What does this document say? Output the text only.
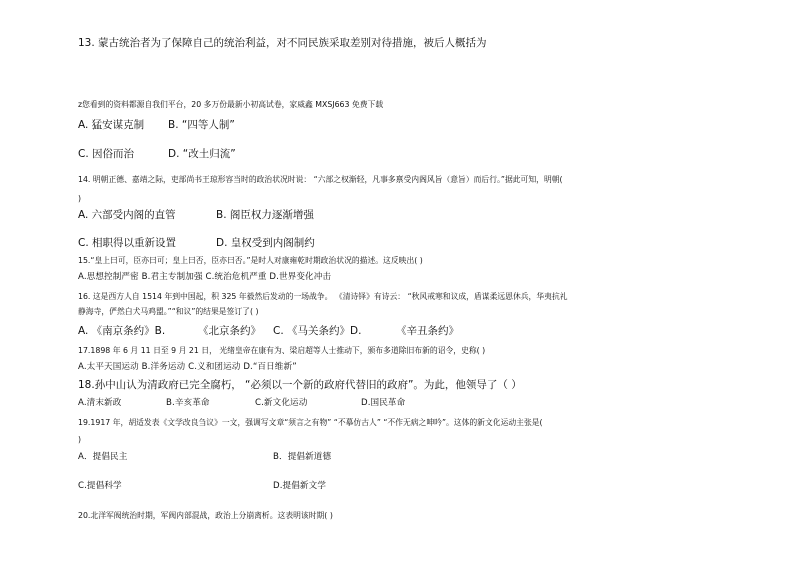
13. 蒙古统治者为了保障自己的统治利益，对不同民族采取差别对待措施，被后人概括为
z您看到的资料都源自我们平台，20 多万份最新小初高试卷，家威鑫 MXSJ663 免费下载
A. 猛安谋克制 B. “四等人制”
C. 因俗而治	D. “改土归流”
14. 明朝正德、嘉靖之际，吏部尚书王琼形容当时的政治状况时说： “六部之权渐轻，凡事多禀受内阁风旨（意旨）而后行。”据此可知，明朝(
)
A. 六部受内阁的直管	B. 阁臣权力逐渐增强
C. 相职得以重新设置	D. 皇权受到内阁制约
15.“皇上曰可，臣亦曰可；皇上曰否，臣亦曰否。”是时人对康雍乾时期政治状况的描述。这反映出( )
A.思想控制严密 B.君主专制加强 C.统治危机严重 D.世界变化冲击
16. 这是西方人自 1514 年到中国起，积 325 年毅然后发动的一场战争。 《清诗铎》有诗云： “秋风戒寒和议成，盾谋柔远恩休兵，华夷抗礼
静海寺，俨然白犬马鸡盟。”“和议”的结果是签订了( )
A. 《南京条约》B.	《北京条约》 C. 《马关条约》D.	《辛丑条约》
17.1898 年 6 月 11 日至 9 月 21 日， 光绪皇帝在康有为、梁启超等人士推动下，颁布多道除旧布新的诏令，史称( )
A.太平天国运动 B.洋务运动 C.义和团运动 D.“百日维新”
18.孙中山认为清政府已完全腐朽， “必须以一个新的政府代替旧的政府”。为此，他领导了（ ）
A.清末新政	B.辛亥革命	C.新文化运动	D.国民革命
19.1917 年，胡适发表《文学改良刍议》一文，强调写文章“须言之有物” “不摹仿古人” “不作无病之呻吟”。这体的新文化运动主张是(
)
A．提倡民主	B．提倡新道德
C.提倡科学	D.提倡新文学
20.北洋军阀统治时期，军阀内部混战，政治上分崩离析。这表明该时期( )
